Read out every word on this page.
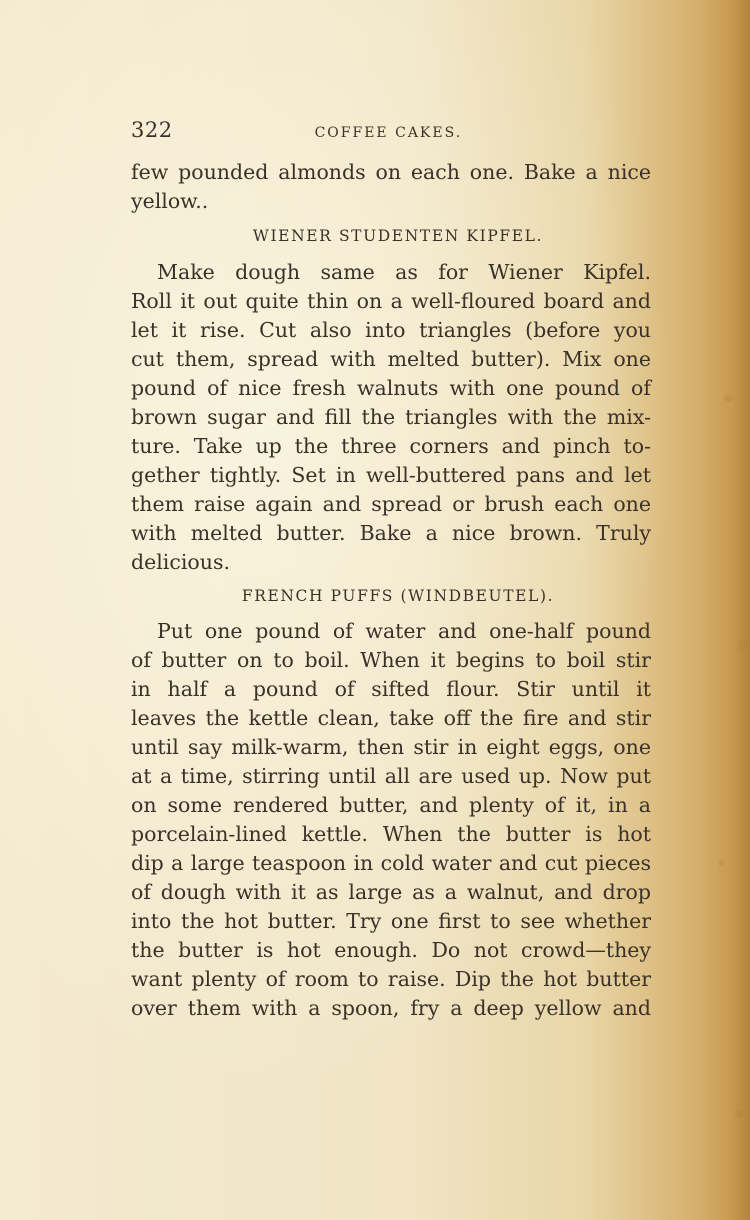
322	COFFEE CAKES.

few pounded almonds on each one. Bake a nice

yellow..

WIENER STUDENTEN KIPFEL.

Make dough same as for Wiener Kipfel.

Roll it out quite thin on a well-floured board and

let it rise. Cut also into triangles (before you

cut them, spread with melted butter). Mix one

pound of nice fresh walnuts with one pound of

brown sugar and fill the triangles with the mix-

ture. Take up the three corners and pinch to-

gether tightly. Set in well-buttered pans and let

them raise again and spread or brush each one

with melted butter. Bake a nice brown. Truly

delicious.

FRENCH PUFFS (WINDBEUTEL).

Put one pound of water and one-half pound

of butter on to boil. When it begins to boil stir

in half a pound of sifted flour. Stir until it

leaves the kettle clean, take off the fire and stir

until say milk-warm, then stir in eight eggs, one

at a time, stirring until all are used up. Now put

on some rendered butter, and plenty of it, in a

porcelain-lined kettle. When the butter is hot

dip a large teaspoon in cold water and cut pieces

of dough with it as large as a walnut, and drop

into the hot butter. Try one first to see whether

the butter is hot enough. Do not crowd—they

want plenty of room to raise. Dip the hot butter

over them with a spoon, fry a deep yellow and
